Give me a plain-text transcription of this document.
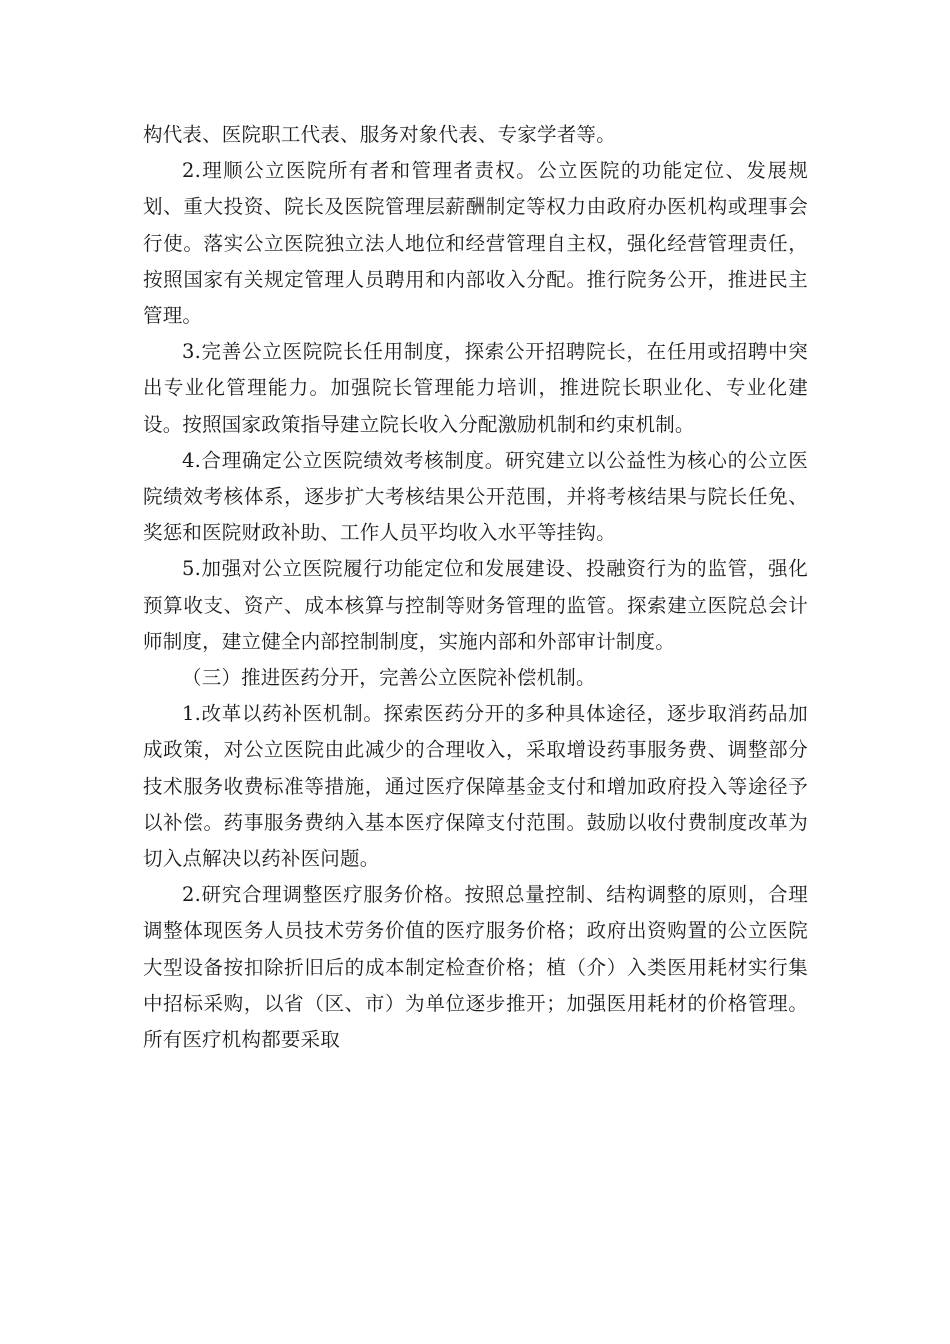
构代表、医院职工代表、服务对象代表、专家学者等。

2.理顺公立医院所有者和管理者责权。公立医院的功能定位、发展规划、重大投资、院长及医院管理层薪酬制定等权力由政府办医机构或理事会行使。落实公立医院独立法人地位和经营管理自主权，强化经营管理责任，按照国家有关规定管理人员聘用和内部收入分配。推行院务公开，推进民主管理。

3.完善公立医院院长任用制度，探索公开招聘院长，在任用或招聘中突出专业化管理能力。加强院长管理能力培训，推进院长职业化、专业化建设。按照国家政策指导建立院长收入分配激励机制和约束机制。

4.合理确定公立医院绩效考核制度。研究建立以公益性为核心的公立医院绩效考核体系，逐步扩大考核结果公开范围，并将考核结果与院长任免、奖惩和医院财政补助、工作人员平均收入水平等挂钩。

5.加强对公立医院履行功能定位和发展建设、投融资行为的监管，强化预算收支、资产、成本核算与控制等财务管理的监管。探索建立医院总会计师制度，建立健全内部控制制度，实施内部和外部审计制度。

（三）推进医药分开，完善公立医院补偿机制。

1.改革以药补医机制。探索医药分开的多种具体途径，逐步取消药品加成政策，对公立医院由此减少的合理收入，采取增设药事服务费、调整部分技术服务收费标准等措施，通过医疗保障基金支付和增加政府投入等途径予以补偿。药事服务费纳入基本医疗保障支付范围。鼓励以收付费制度改革为切入点解决以药补医问题。

2.研究合理调整医疗服务价格。按照总量控制、结构调整的原则，合理调整体现医务人员技术劳务价值的医疗服务价格；政府出资购置的公立医院大型设备按扣除折旧后的成本制定检查价格；植（介）入类医用耗材实行集中招标采购，以省（区、市）为单位逐步推开；加强医用耗材的价格管理。所有医疗机构都要采取
